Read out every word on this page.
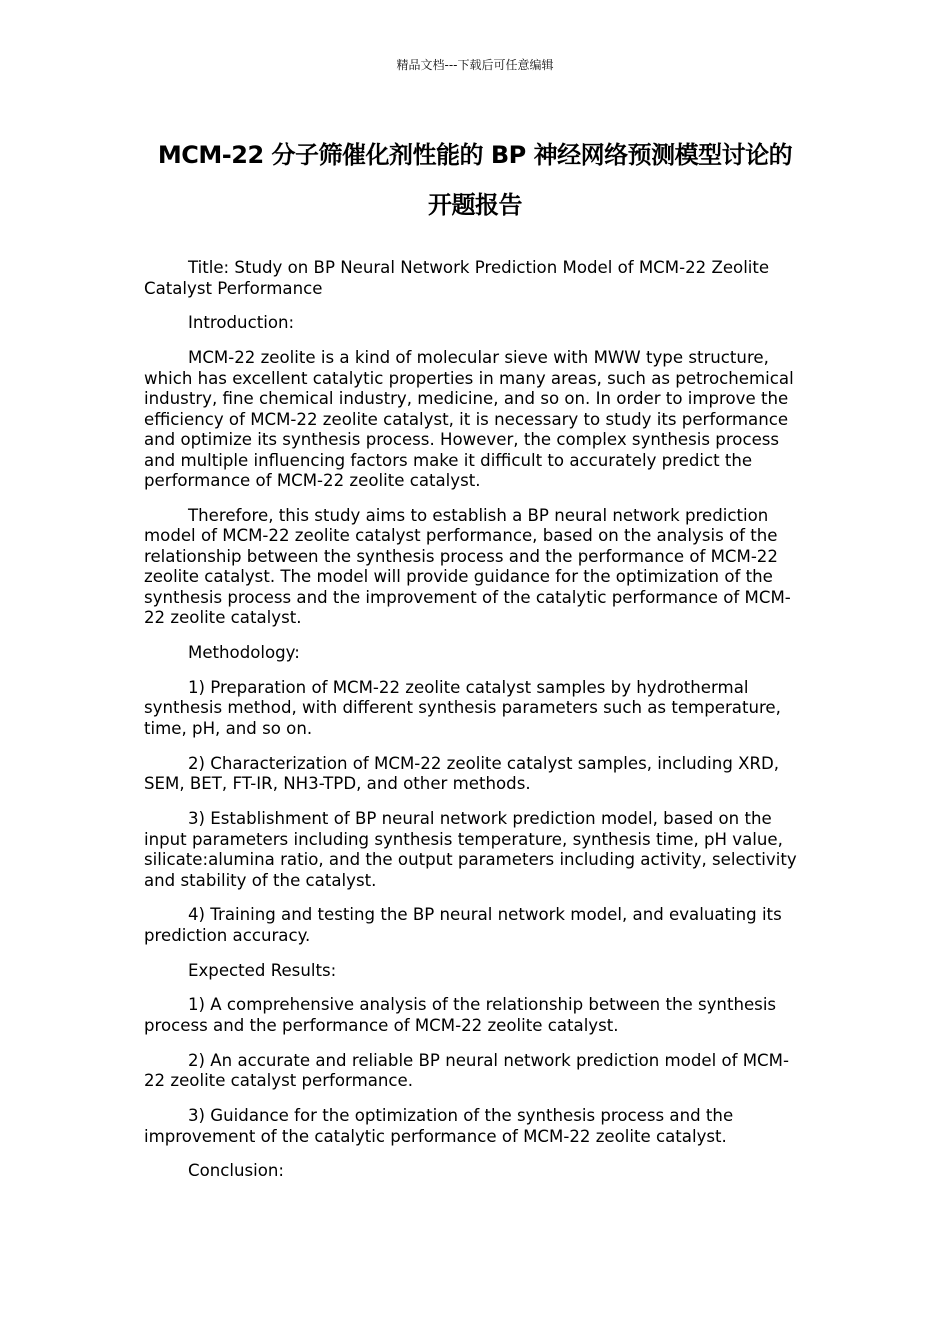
精品文档---下载后可任意编辑
MCM-22 分子筛催化剂性能的 BP 神经网络预测模型讨论的
开题报告

Title: Study on BP Neural Network Prediction Model of MCM-22 Zeolite Catalyst Performance

Introduction:

MCM-22 zeolite is a kind of molecular sieve with MWW type structure, which has excellent catalytic properties in many areas, such as petrochemical industry, fine chemical industry, medicine, and so on. In order to improve the efficiency of MCM-22 zeolite catalyst, it is necessary to study its performance and optimize its synthesis process. However, the complex synthesis process and multiple influencing factors make it difficult to accurately predict the performance of MCM-22 zeolite catalyst.

Therefore, this study aims to establish a BP neural network prediction model of MCM-22 zeolite catalyst performance, based on the analysis of the relationship between the synthesis process and the performance of MCM-22 zeolite catalyst. The model will provide guidance for the optimization of the synthesis process and the improvement of the catalytic performance of MCM-22 zeolite catalyst.

Methodology:

1) Preparation of MCM-22 zeolite catalyst samples by hydrothermal synthesis method, with different synthesis parameters such as temperature, time, pH, and so on.

2) Characterization of MCM-22 zeolite catalyst samples, including XRD, SEM, BET, FT-IR, NH3-TPD, and other methods.

3) Establishment of BP neural network prediction model, based on the input parameters including synthesis temperature, synthesis time, pH value, silicate:alumina ratio, and the output parameters including activity, selectivity and stability of the catalyst.

4) Training and testing the BP neural network model, and evaluating its prediction accuracy.

Expected Results:

1) A comprehensive analysis of the relationship between the synthesis process and the performance of MCM-22 zeolite catalyst.

2) An accurate and reliable BP neural network prediction model of MCM-22 zeolite catalyst performance.

3) Guidance for the optimization of the synthesis process and the improvement of the catalytic performance of MCM-22 zeolite catalyst.

Conclusion:
